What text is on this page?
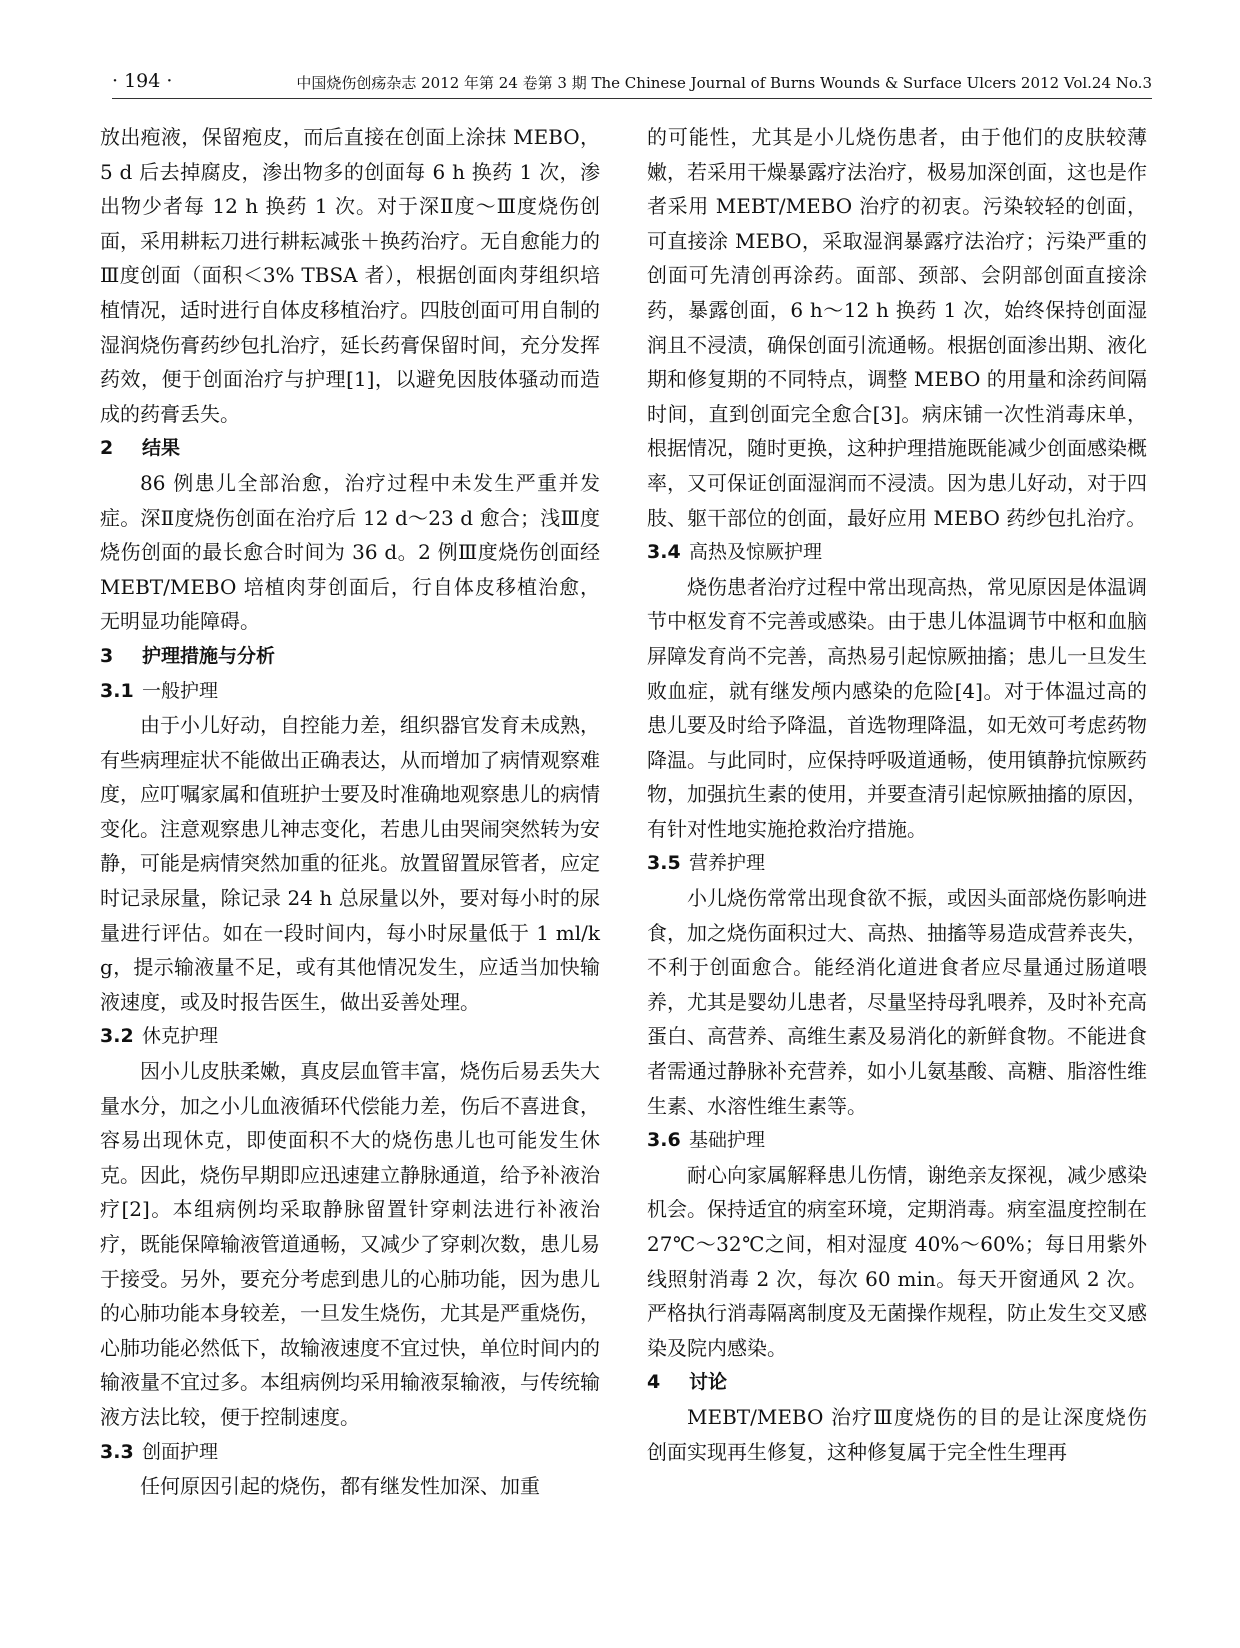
· 194 ·	中国烧伤创疡杂志 2012 年第 24 卷第 3 期 The Chinese Journal of Burns Wounds & Surface Ulcers 2012 Vol.24 No.3

放出疱液，保留疱皮，而后直接在创面上涂抹 MEBO，5 d 后去掉腐皮，渗出物多的创面每 6 h 换药 1 次，渗出物少者每 12 h 换药 1 次。对于深Ⅱ度～Ⅲ度烧伤创面，采用耕耘刀进行耕耘减张＋换药治疗。无自愈能力的Ⅲ度创面（面积＜3% TBSA 者），根据创面肉芽组织培植情况，适时进行自体皮移植治疗。四肢创面可用自制的湿润烧伤膏药纱包扎治疗，延长药膏保留时间，充分发挥药效，便于创面治疗与护理[1]，以避免因肢体骚动而造成的药膏丢失。

2 结果

86 例患儿全部治愈，治疗过程中未发生严重并发症。深Ⅱ度烧伤创面在治疗后 12 d～23 d 愈合；浅Ⅲ度烧伤创面的最长愈合时间为 36 d。2 例Ⅲ度烧伤创面经 MEBT/MEBO 培植肉芽创面后，行自体皮移植治愈，无明显功能障碍。

3 护理措施与分析

3.1 一般护理

由于小儿好动，自控能力差，组织器官发育未成熟，有些病理症状不能做出正确表达，从而增加了病情观察难度，应叮嘱家属和值班护士要及时准确地观察患儿的病情变化。注意观察患儿神志变化，若患儿由哭闹突然转为安静，可能是病情突然加重的征兆。放置留置尿管者，应定时记录尿量，除记录 24 h 总尿量以外，要对每小时的尿量进行评估。如在一段时间内，每小时尿量低于 1 ml/kg，提示输液量不足，或有其他情况发生，应适当加快输液速度，或及时报告医生，做出妥善处理。

3.2 休克护理

因小儿皮肤柔嫩，真皮层血管丰富，烧伤后易丢失大量水分，加之小儿血液循环代偿能力差，伤后不喜进食，容易出现休克，即使面积不大的烧伤患儿也可能发生休克。因此，烧伤早期即应迅速建立静脉通道，给予补液治疗[2]。本组病例均采取静脉留置针穿刺法进行补液治疗，既能保障输液管道通畅，又减少了穿刺次数，患儿易于接受。另外，要充分考虑到患儿的心肺功能，因为患儿的心肺功能本身较差，一旦发生烧伤，尤其是严重烧伤，心肺功能必然低下，故输液速度不宜过快，单位时间内的输液量不宜过多。本组病例均采用输液泵输液，与传统输液方法比较，便于控制速度。

3.3 创面护理

任何原因引起的烧伤，都有继发性加深、加重

的可能性，尤其是小儿烧伤患者，由于他们的皮肤较薄嫩，若采用干燥暴露疗法治疗，极易加深创面，这也是作者采用 MEBT/MEBO 治疗的初衷。污染较轻的创面，可直接涂 MEBO，采取湿润暴露疗法治疗；污染严重的创面可先清创再涂药。面部、颈部、会阴部创面直接涂药，暴露创面，6 h～12 h 换药 1 次，始终保持创面湿润且不浸渍，确保创面引流通畅。根据创面渗出期、液化期和修复期的不同特点，调整 MEBO 的用量和涂药间隔时间，直到创面完全愈合[3]。病床铺一次性消毒床单，根据情况，随时更换，这种护理措施既能减少创面感染概率，又可保证创面湿润而不浸渍。因为患儿好动，对于四肢、躯干部位的创面，最好应用 MEBO 药纱包扎治疗。

3.4 高热及惊厥护理

烧伤患者治疗过程中常出现高热，常见原因是体温调节中枢发育不完善或感染。由于患儿体温调节中枢和血脑屏障发育尚不完善，高热易引起惊厥抽搐；患儿一旦发生败血症，就有继发颅内感染的危险[4]。对于体温过高的患儿要及时给予降温，首选物理降温，如无效可考虑药物降温。与此同时，应保持呼吸道通畅，使用镇静抗惊厥药物，加强抗生素的使用，并要查清引起惊厥抽搐的原因，有针对性地实施抢救治疗措施。

3.5 营养护理

小儿烧伤常常出现食欲不振，或因头面部烧伤影响进食，加之烧伤面积过大、高热、抽搐等易造成营养丧失，不利于创面愈合。能经消化道进食者应尽量通过肠道喂养，尤其是婴幼儿患者，尽量坚持母乳喂养，及时补充高蛋白、高营养、高维生素及易消化的新鲜食物。不能进食者需通过静脉补充营养，如小儿氨基酸、高糖、脂溶性维生素、水溶性维生素等。

3.6 基础护理

耐心向家属解释患儿伤情，谢绝亲友探视，减少感染机会。保持适宜的病室环境，定期消毒。病室温度控制在 27℃～32℃之间，相对湿度 40%～60%；每日用紫外线照射消毒 2 次，每次 60 min。每天开窗通风 2 次。严格执行消毒隔离制度及无菌操作规程，防止发生交叉感染及院内感染。

4 讨论

MEBT/MEBO 治疗Ⅲ度烧伤的目的是让深度烧伤创面实现再生修复，这种修复属于完全性生理再
